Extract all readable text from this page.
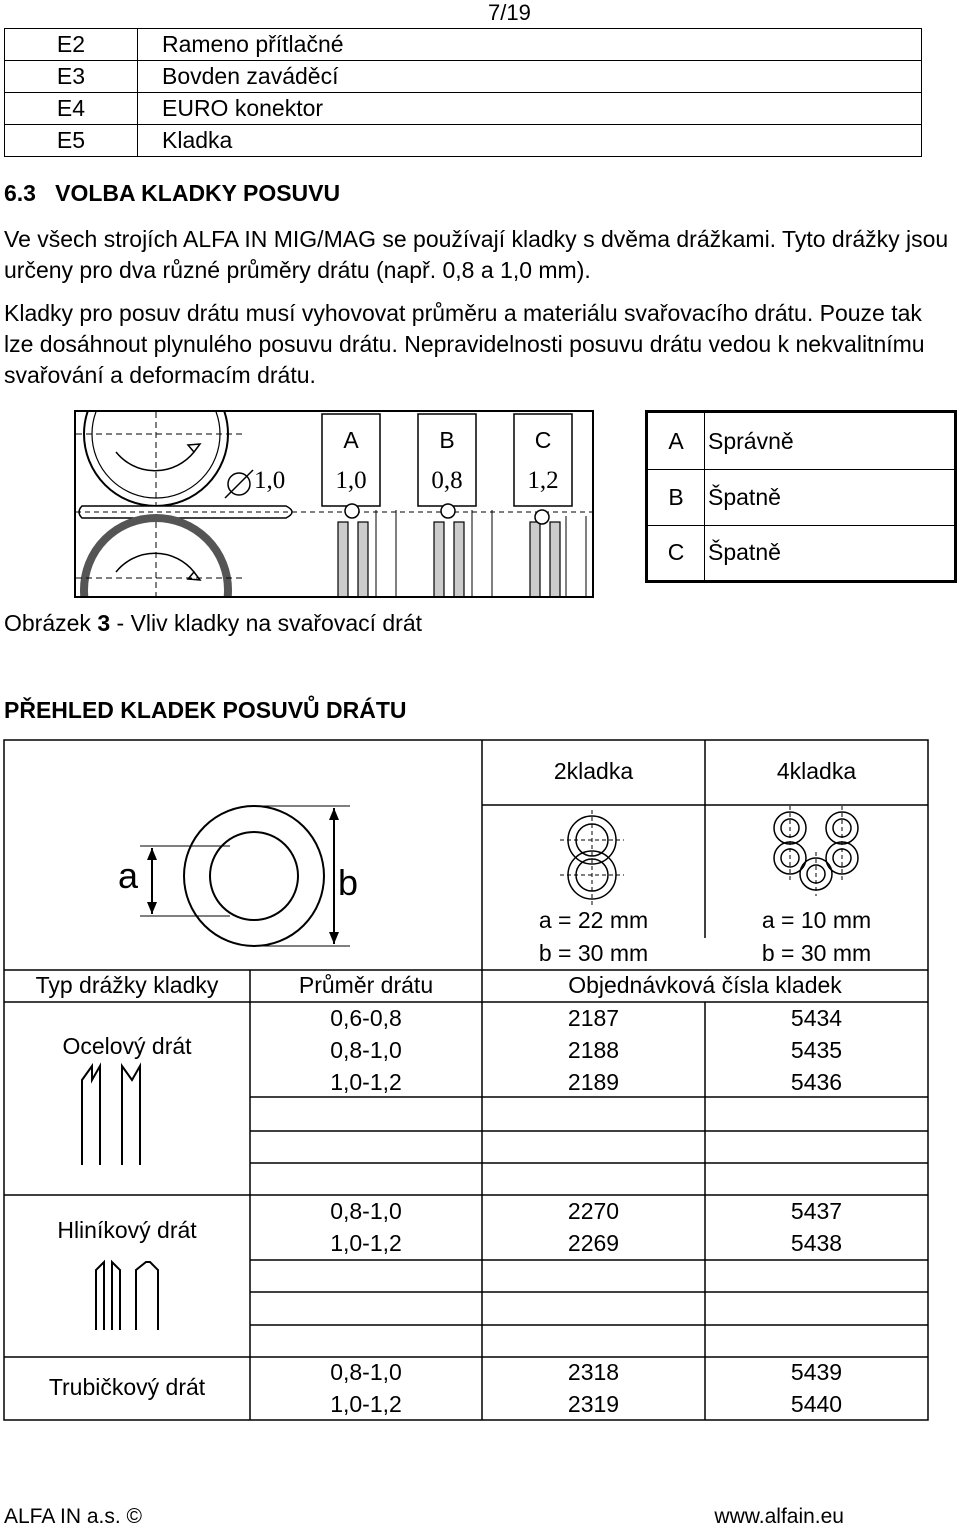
7/19
E2	Rameno přítlačné
E3	Bovden zaváděcí
E4	EURO konektor
E5	Kladka
6.3   VOLBA KLADKY POSUVU
Ve všech strojích ALFA IN MIG/MAG se používají kladky s dvěma drážkami. Tyto drážky jsou určeny pro dva různé průměry drátu (např. 0,8 a 1,0 mm).
Kladky pro posuv drátu musí vyhovovat průměru a materiálu svařovacího drátu. Pouze tak lze dosáhnout plynulého posuvu drátu. Nepravidelnosti posuvu drátu vedou k nekvalitnímu svařování a deformacím drátu.
1,0
A
1,0
B
0,8
C
1,2
A	Správně
B	Špatně
C	Špatně
Obrázek 3 - Vliv kladky na svařovací drát
PŘEHLED KLADEK POSUVŮ DRÁTU
2kladka	4kladka
a	b
a = 22 mm
b = 30 mm
a = 10 mm
b = 30 mm
Typ drážky kladky	Průměr drátu	Objednávková čísla kladek
Ocelový drát
0,6-0,8	2187	5434
0,8-1,0	2188	5435
1,0-1,2	2189	5436
Hliníkový drát
0,8-1,0	2270	5437
1,0-1,2	2269	5438
Trubičkový drát
0,8-1,0	2318	5439
1,0-1,2	2319	5440
ALFA IN a.s. ©	www.alfain.eu
